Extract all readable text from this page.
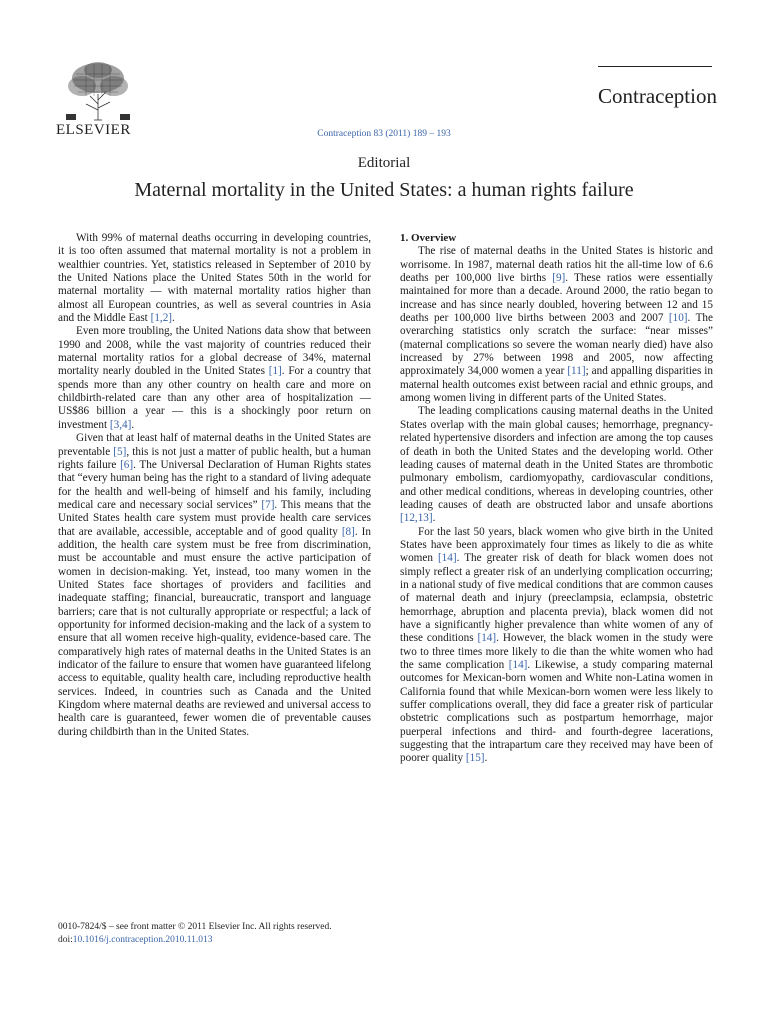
ELSEVIER
Contraception
Contraception 83 (2011) 189 – 193
Editorial
Maternal mortality in the United States: a human rights failure

With 99% of maternal deaths occurring in developing countries, it is too often assumed that maternal mortality is not a problem in wealthier countries. Yet, statistics released in September of 2010 by the United Nations place the United States 50th in the world for maternal mortality — with maternal mortality ratios higher than almost all European countries, as well as several countries in Asia and the Middle East [1,2].

Even more troubling, the United Nations data show that between 1990 and 2008, while the vast majority of countries reduced their maternal mortality ratios for a global decrease of 34%, maternal mortality nearly doubled in the United States [1]. For a country that spends more than any other country on health care and more on childbirth-related care than any other area of hospitalization — US$86 billion a year — this is a shockingly poor return on investment [3,4].

Given that at least half of maternal deaths in the United States are preventable [5], this is not just a matter of public health, but a human rights failure [6]. The Universal Declaration of Human Rights states that “every human being has the right to a standard of living adequate for the health and well-being of himself and his family, including medical care and necessary social services” [7]. This means that the United States health care system must provide health care services that are available, accessible, acceptable and of good quality [8]. In addition, the health care system must be free from discrimination, must be accountable and must ensure the active participation of women in decision-making. Yet, instead, too many women in the United States face shortages of providers and facilities and inadequate staffing; financial, bureaucratic, transport and language barriers; care that is not culturally appropriate or respectful; a lack of opportunity for informed decision-making and the lack of a system to ensure that all women receive high-quality, evidence-based care. The comparatively high rates of maternal deaths in the United States is an indicator of the failure to ensure that women have guaranteed lifelong access to equitable, quality health care, including reproductive health services. Indeed, in countries such as Canada and the United Kingdom where maternal deaths are reviewed and universal access to health care is guaranteed, fewer women die of preventable causes during childbirth than in the United States.

1. Overview

The rise of maternal deaths in the United States is historic and worrisome. In 1987, maternal death ratios hit the all-time low of 6.6 deaths per 100,000 live births [9]. These ratios were essentially maintained for more than a decade. Around 2000, the ratio began to increase and has since nearly doubled, hovering between 12 and 15 deaths per 100,000 live births between 2003 and 2007 [10]. The overarching statistics only scratch the surface: “near misses” (maternal complications so severe the woman nearly died) have also increased by 27% between 1998 and 2005, now affecting approximately 34,000 women a year [11]; and appalling disparities in maternal health outcomes exist between racial and ethnic groups, and among women living in different parts of the United States.

The leading complications causing maternal deaths in the United States overlap with the main global causes; hemorrhage, pregnancy-related hypertensive disorders and infection are among the top causes of death in both the United States and the developing world. Other leading causes of maternal death in the United States are thrombotic pulmonary embolism, cardiomyopathy, cardiovascular conditions, and other medical conditions, whereas in developing countries, other leading causes of death are obstructed labor and unsafe abortions [12,13].

For the last 50 years, black women who give birth in the United States have been approximately four times as likely to die as white women [14]. The greater risk of death for black women does not simply reflect a greater risk of an underlying complication occurring; in a national study of five medical conditions that are common causes of maternal death and injury (preeclampsia, eclampsia, obstetric hemorrhage, abruption and placenta previa), black women did not have a significantly higher prevalence than white women of any of these conditions [14]. However, the black women in the study were two to three times more likely to die than the white women who had the same complication [14]. Likewise, a study comparing maternal outcomes for Mexican-born women and White non-Latina women in California found that while Mexican-born women were less likely to suffer complications overall, they did face a greater risk of particular obstetric complications such as postpartum hemorrhage, major puerperal infections and third- and fourth-degree lacerations, suggesting that the intrapartum care they received may have been of poorer quality [15].

0010-7824/$ – see front matter © 2011 Elsevier Inc. All rights reserved.
doi:10.1016/j.contraception.2010.11.013
